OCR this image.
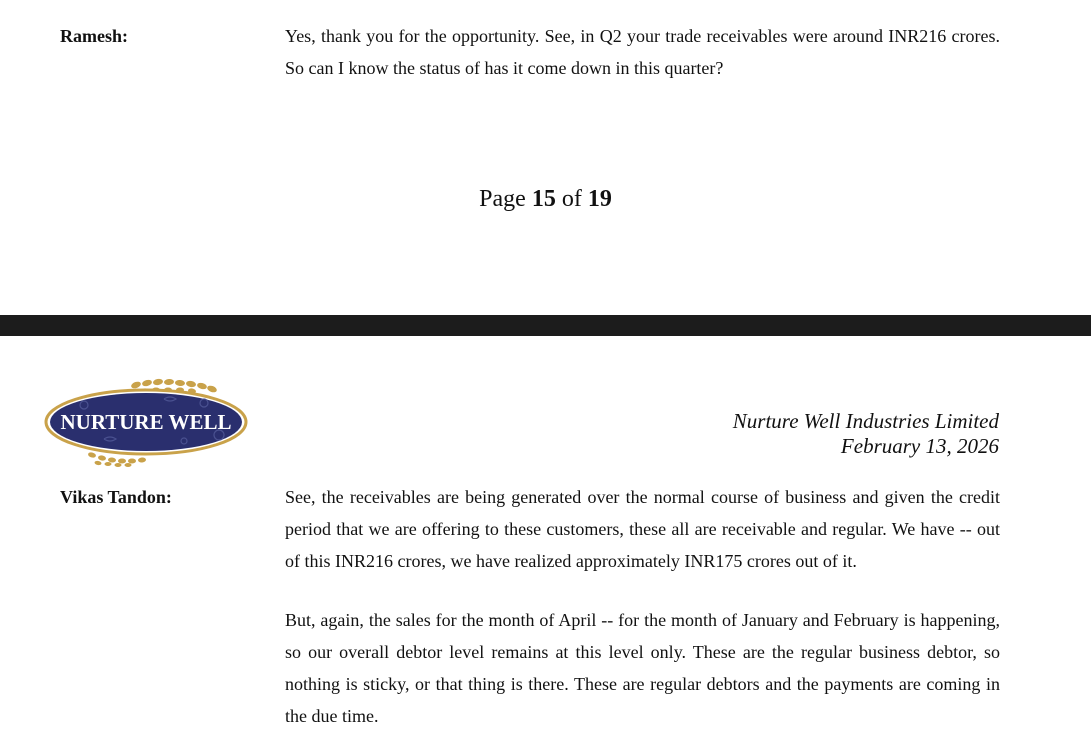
Ramesh:	Yes, thank you for the opportunity. See, in Q2 your trade receivables were around INR216 crores. So can I know the status of has it come down in this quarter?

Page 15 of 19
NURTURE WELL	Nurture Well Industries Limited
February 13, 2026
Vikas Tandon:	See, the receivables are being generated over the normal course of business and given the credit period that we are offering to these customers, these all are receivable and regular. We have -- out of this INR216 crores, we have realized approximately INR175 crores out of it.

But, again, the sales for the month of April -- for the month of January and February is happening, so our overall debtor level remains at this level only. These are the regular business debtor, so nothing is sticky, or that thing is there. These are regular debtors and the payments are coming in the due time.
